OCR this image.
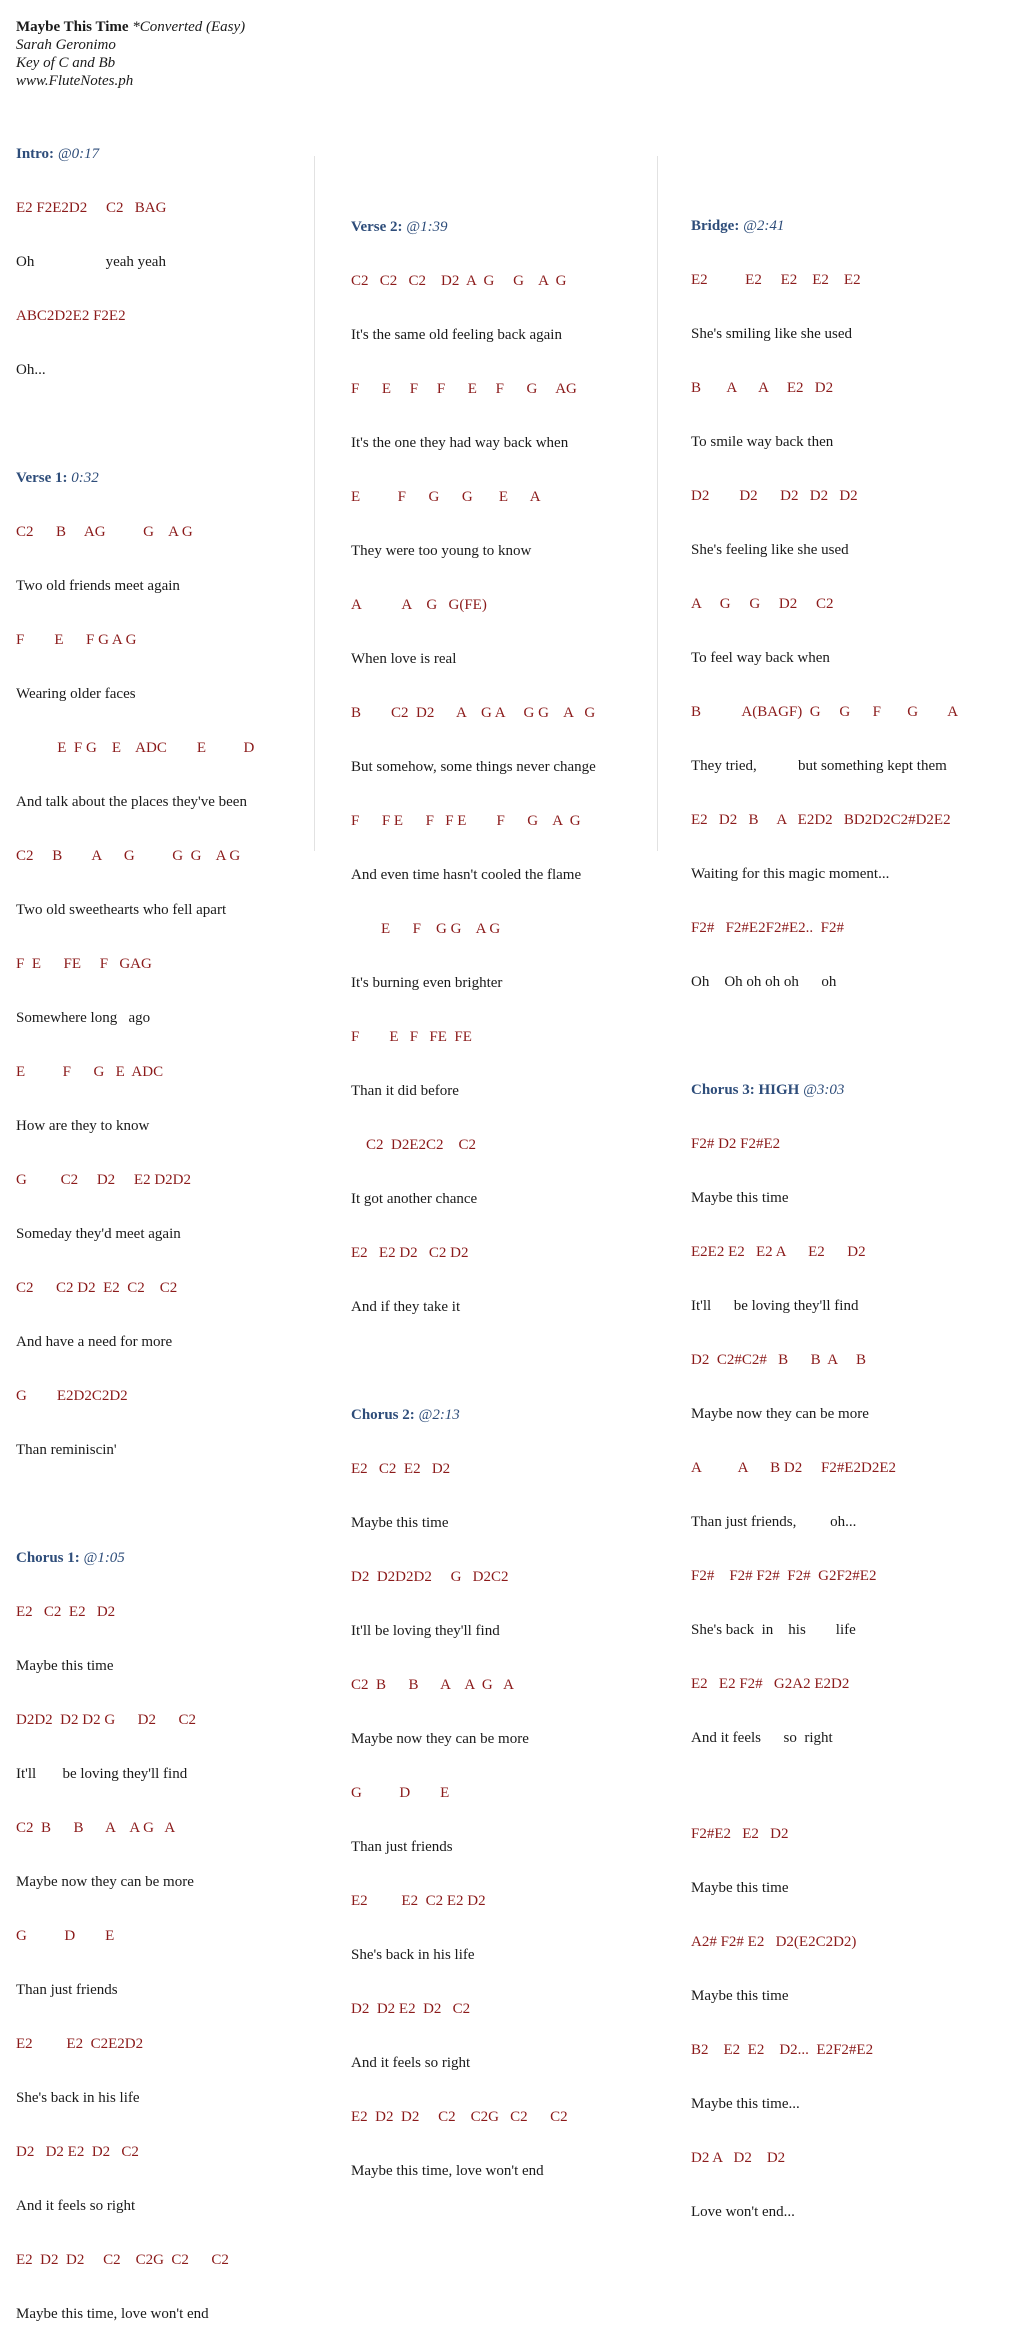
Maybe This Time *Converted (Easy)
Sarah Geronimo
Key of C and Bb
www.FluteNotes.ph

Intro: @0:17

E2 F2E2D2     C2   BAG

Oh                   yeah yeah

ABC2D2E2 F2E2

Oh...

Verse 1: 0:32

C2      B     AG          G    A G

Two old friends meet again

F        E      F G A G

Wearing older faces

E  F G    E    ADC        E          D

And talk about the places they've been

C2     B        A      G          G  G    A G

Two old sweethearts who fell apart

F  E      FE     F   GAG

Somewhere long   ago

E          F      G   E  ADC

How are they to know

G         C2     D2     E2 D2D2

Someday they'd meet again

C2      C2 D2  E2  C2    C2

And have a need for more

G        E2D2C2D2

Than reminiscin'

Chorus 1: @1:05

E2   C2  E2   D2

Maybe this time

D2D2  D2 D2 G      D2      C2

It'll       be loving they'll find

C2  B      B      A    A G   A

Maybe now they can be more

G          D        E

Than just friends

E2         E2  C2E2D2

She's back in his life

D2   D2 E2  D2   C2

And it feels so right

E2  D2  D2     C2    C2G  C2      C2

Maybe this time, love won't end

Verse 2: @1:39

C2   C2   C2    D2  A  G     G    A  G

It's the same old feeling back again

F      E     F     F      E     F      G     AG

It's the one they had way back when

E          F      G      G       E      A

They were too young to know

A           A    G   G(FE)

When love is real

B        C2  D2      A    G A     G G    A   G

But somehow, some things never change

F      F E      F   F E        F      G    A  G

And even time hasn't cooled the flame

E      F    G G    A G

It's burning even brighter

F        E   F   FE  FE

Than it did before

C2  D2E2C2    C2

It got another chance

E2   E2 D2   C2 D2

And if they take it

Chorus 2: @2:13

E2   C2  E2   D2

Maybe this time

D2  D2D2D2     G   D2C2

It'll be loving they'll find

C2  B      B      A    A  G   A

Maybe now they can be more

G          D        E

Than just friends

E2         E2  C2 E2 D2

She's back in his life

D2  D2 E2  D2   C2

And it feels so right

E2  D2  D2     C2    C2G   C2      C2

Maybe this time, love won't end

Bridge: @2:41

E2          E2     E2    E2    E2

She's smiling like she used

B       A      A     E2   D2

To smile way back then

D2        D2      D2   D2   D2

She's feeling like she used

A     G     G     D2     C2

To feel way back when

B           A(BAGF)  G     G      F       G        A

They tried,           but something kept them

E2   D2   B     A   E2D2   BD2D2C2#D2E2

Waiting for this magic moment...

F2#   F2#E2F2#E2..  F2#

Oh    Oh oh oh oh      oh

Chorus 3: HIGH @3:03

F2# D2 F2#E2

Maybe this time

E2E2 E2   E2 A      E2      D2

It'll      be loving they'll find

D2  C2#C2#   B      B  A     B

Maybe now they can be more

A          A      B D2     F2#E2D2E2

Than just friends,         oh...

F2#    F2# F2#  F2#  G2F2#E2

She's back  in    his        life

E2   E2 F2#   G2A2 E2D2

And it feels      so  right

F2#E2   E2   D2

Maybe this time

A2# F2# E2   D2(E2C2D2)

Maybe this time

B2    E2  E2    D2...  E2F2#E2

Maybe this time...

D2 A   D2    D2

Love won't end...
